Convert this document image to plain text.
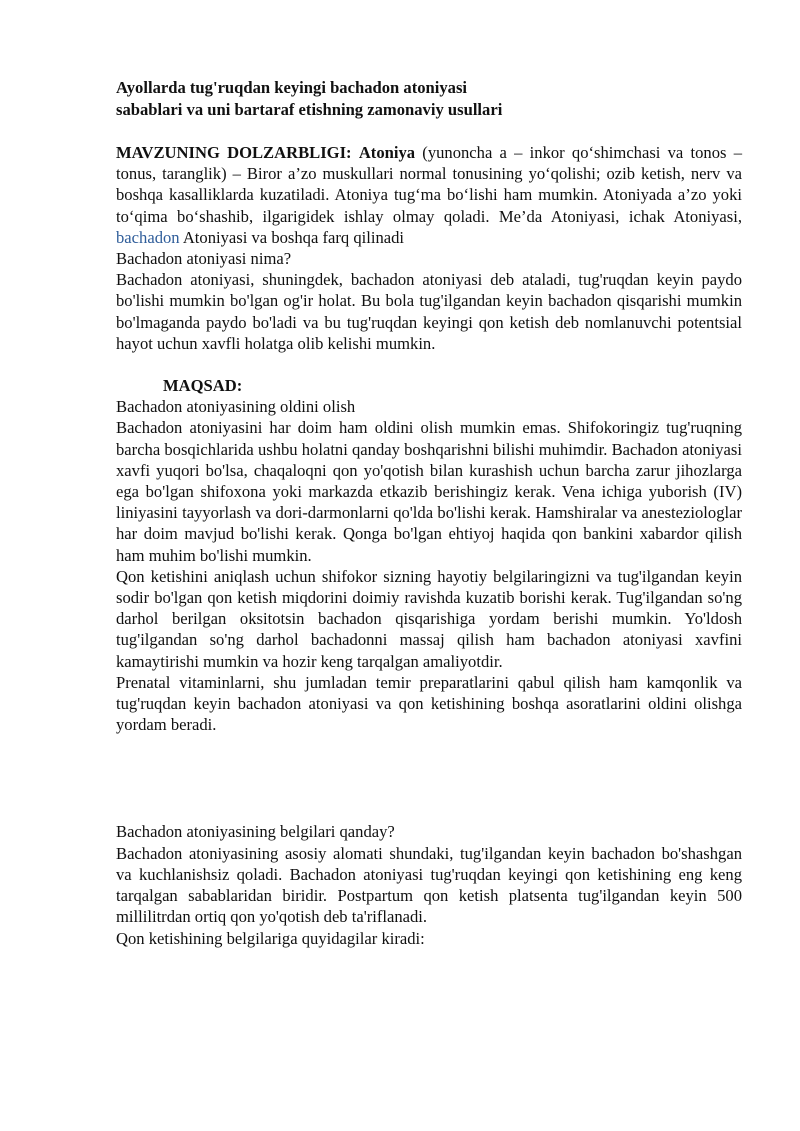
Ayollarda tug'ruqdan keyingi bachadon atoniyasi

sabablari va uni bartaraf etishning zamonaviy usullari

MAVZUNING DOLZARBLIGI: Atoniya (yunoncha a – inkor qo‘shimchasi va tonos – tonus, taranglik) – Biror a’zo muskullari normal tonusining yo‘qolishi; ozib ketish, nerv va boshqa kasalliklarda kuzatiladi. Atoniya tug‘ma bo‘lishi ham mumkin. Atoniyada a’zo yoki to‘qima bo‘shashib, ilgarigidek ishlay olmay qoladi. Me’da Atoniyasi, ichak Atoniyasi, bachadon Atoniyasi va boshqa farq qilinadi

Bachadon atoniyasi nima?

Bachadon atoniyasi, shuningdek, bachadon atoniyasi deb ataladi, tug'ruqdan keyin paydo bo'lishi mumkin bo'lgan og'ir holat. Bu bola tug'ilgandan keyin bachadon qisqarishi mumkin bo'lmaganda paydo bo'ladi va bu tug'ruqdan keyingi qon ketish deb nomlanuvchi potentsial hayot uchun xavfli holatga olib kelishi mumkin.

MAQSAD:

Bachadon atoniyasining oldini olish

Bachadon atoniyasini har doim ham oldini olish mumkin emas. Shifokoringiz tug'ruqning barcha bosqichlarida ushbu holatni qanday boshqarishni bilishi muhimdir. Bachadon atoniyasi xavfi yuqori bo'lsa, chaqaloqni qon yo'qotish bilan kurashish uchun barcha zarur jihozlarga ega bo'lgan shifoxona yoki markazda etkazib berishingiz kerak. Vena ichiga yuborish (IV) liniyasini tayyorlash va dori-darmonlarni qo'lda bo'lishi kerak. Hamshiralar va anesteziologlar har doim mavjud bo'lishi kerak. Qonga bo'lgan ehtiyoj haqida qon bankini xabardor qilish ham muhim bo'lishi mumkin.

Qon ketishini aniqlash uchun shifokor sizning hayotiy belgilaringizni va tug'ilgandan keyin sodir bo'lgan qon ketish miqdorini doimiy ravishda kuzatib borishi kerak. Tug'ilgandan so'ng darhol berilgan oksitotsin bachadon qisqarishiga yordam berishi mumkin. Yo'ldosh tug'ilgandan so'ng darhol bachadonni massaj qilish ham bachadon atoniyasi xavfini kamaytirishi mumkin va hozir keng tarqalgan amaliyotdir.

Prenatal vitaminlarni, shu jumladan temir preparatlarini qabul qilish ham kamqonlik va tug'ruqdan keyin bachadon atoniyasi va qon ketishining boshqa asoratlarini oldini olishga yordam beradi.

Bachadon atoniyasining belgilari qanday?

Bachadon atoniyasining asosiy alomati shundaki, tug'ilgandan keyin bachadon bo'shashgan va kuchlanishsiz qoladi. Bachadon atoniyasi tug'ruqdan keyingi qon ketishining eng keng tarqalgan sabablaridan biridir. Postpartum qon ketish platsenta tug'ilgandan keyin 500 millilitrdan ortiq qon yo'qotish deb ta'riflanadi.

Qon ketishining belgilariga quyidagilar kiradi:
